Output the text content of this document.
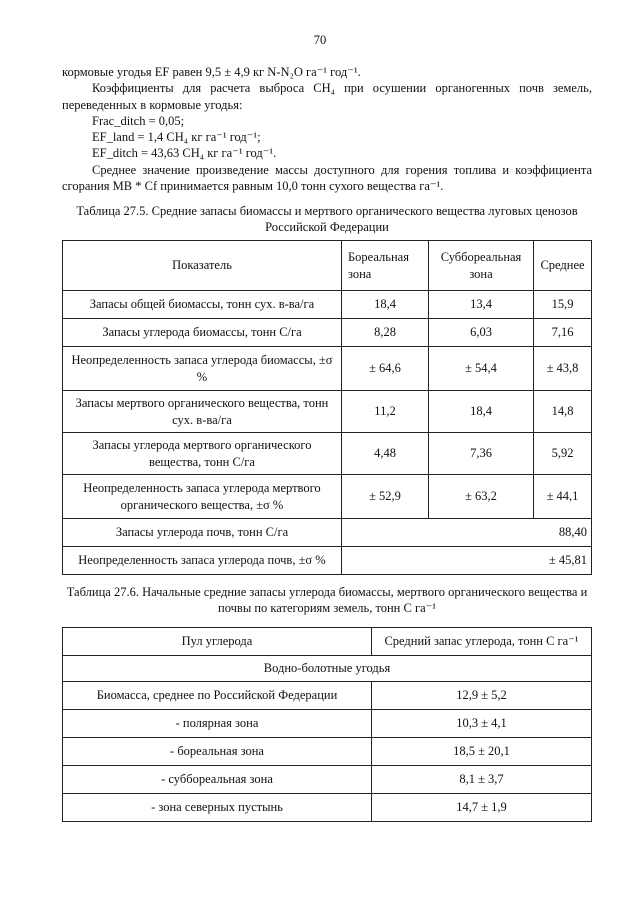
70

кормовые угодья EF равен 9,5 ± 4,9 кг N-N₂O га⁻¹ год⁻¹.

Коэффициенты для расчета выброса CH₄ при осушении органогенных почв земель, переведенных в кормовые угодья:

Frac_ditch = 0,05;

EF_land = 1,4 CH₄ кг га⁻¹ год⁻¹;

EF_ditch = 43,63 CH₄ кг га⁻¹ год⁻¹.

Среднее значение произведение массы доступного для горения топлива и коэффициента сгорания МВ * Cf принимается равным 10,0 тонн сухого вещества га⁻¹.

Таблица 27.5. Средние запасы биомассы и мертвого органического вещества луговых ценозов Российской Федерации
Показатель	Бореальная зона	Суббореальная зона	Среднее
Запасы общей биомассы, тонн сух. в-ва/га	18,4	13,4	15,9
Запасы углерода биомассы, тонн С/га	8,28	6,03	7,16
Неопределенность запаса углерода биомассы, ±σ %	± 64,6	± 54,4	± 43,8
Запасы мертвого органического вещества, тонн сух. в-ва/га	11,2	18,4	14,8
Запасы углерода мертвого органического вещества, тонн С/га	4,48	7,36	5,92
Неопределенность запаса углерода мертвого органического вещества, ±σ %	± 52,9	± 63,2	± 44,1
Запасы углерода почв, тонн С/га	88,40		
Неопределенность запаса углерода почв, ±σ %	± 45,81		
Таблица 27.6. Начальные средние запасы углерода биомассы, мертвого органического вещества и почвы по категориям земель, тонн С га⁻¹
Пул углерода	Средний запас углерода, тонн С га⁻¹
Водно-болотные угодья	
Биомасса, среднее по Российской Федерации	12,9 ± 5,2
- полярная зона	10,3 ± 4,1
- бореальная зона	18,5 ± 20,1
- суббореальная зона	8,1 ± 3,7
- зона северных пустынь	14,7 ± 1,9
